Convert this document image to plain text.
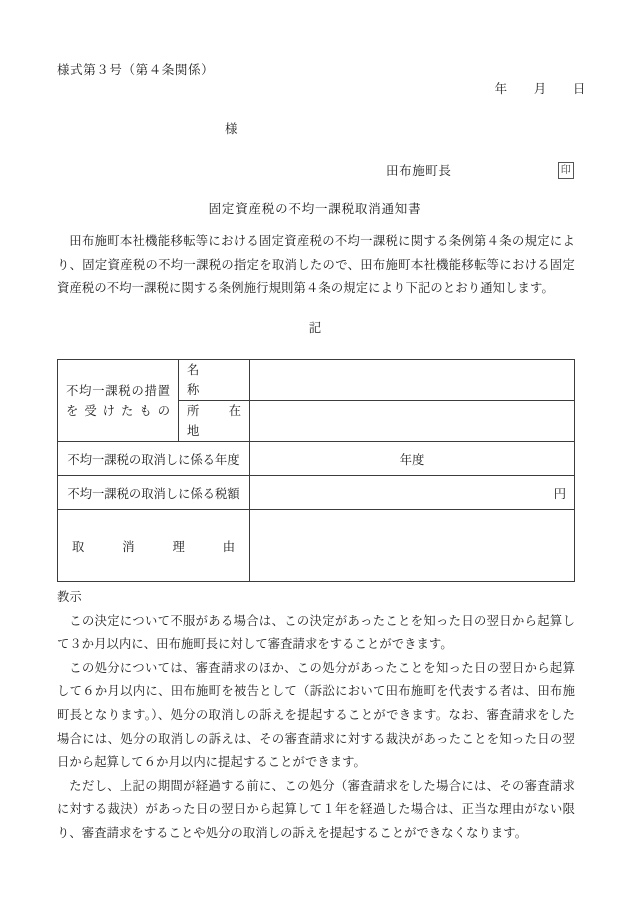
様式第３号（第４条関係）
年 月 日
様
田布施町長	印
固定資産税の不均一課税取消通知書

田布施町本社機能移転等における固定資産税の不均一課税に関する条例第４条の規定により、固定資産税の不均一課税の指定を取消したので、田布施町本社機能移転等における固定資産税の不均一課税に関する条例施行規則第４条の規定により下記のとおり通知します。

記
不均一課税の措置を受けたもの	名　　　称	

	所　在　地	

不均一課税の取消しに係る年度		年度
不均一課税の取消しに係る税額		円

取　　消　　理　　由		

教示

この決定について不服がある場合は、この決定があったことを知った日の翌日から起算して３か月以内に、田布施町長に対して審査請求をすることができます。

この処分については、審査請求のほか、この処分があったことを知った日の翌日から起算して６か月以内に、田布施町を被告として（訴訟において田布施町を代表する者は、田布施町長となります。）、処分の取消しの訴えを提起することができます。なお、審査請求をした場合には、処分の取消しの訴えは、その審査請求に対する裁決があったことを知った日の翌日から起算して６か月以内に提起することができます。

ただし、上記の期間が経過する前に、この処分（審査請求をした場合には、その審査請求に対する裁決）があった日の翌日から起算して１年を経過した場合は、正当な理由がない限り、審査請求をすることや処分の取消しの訴えを提起することができなくなります。
